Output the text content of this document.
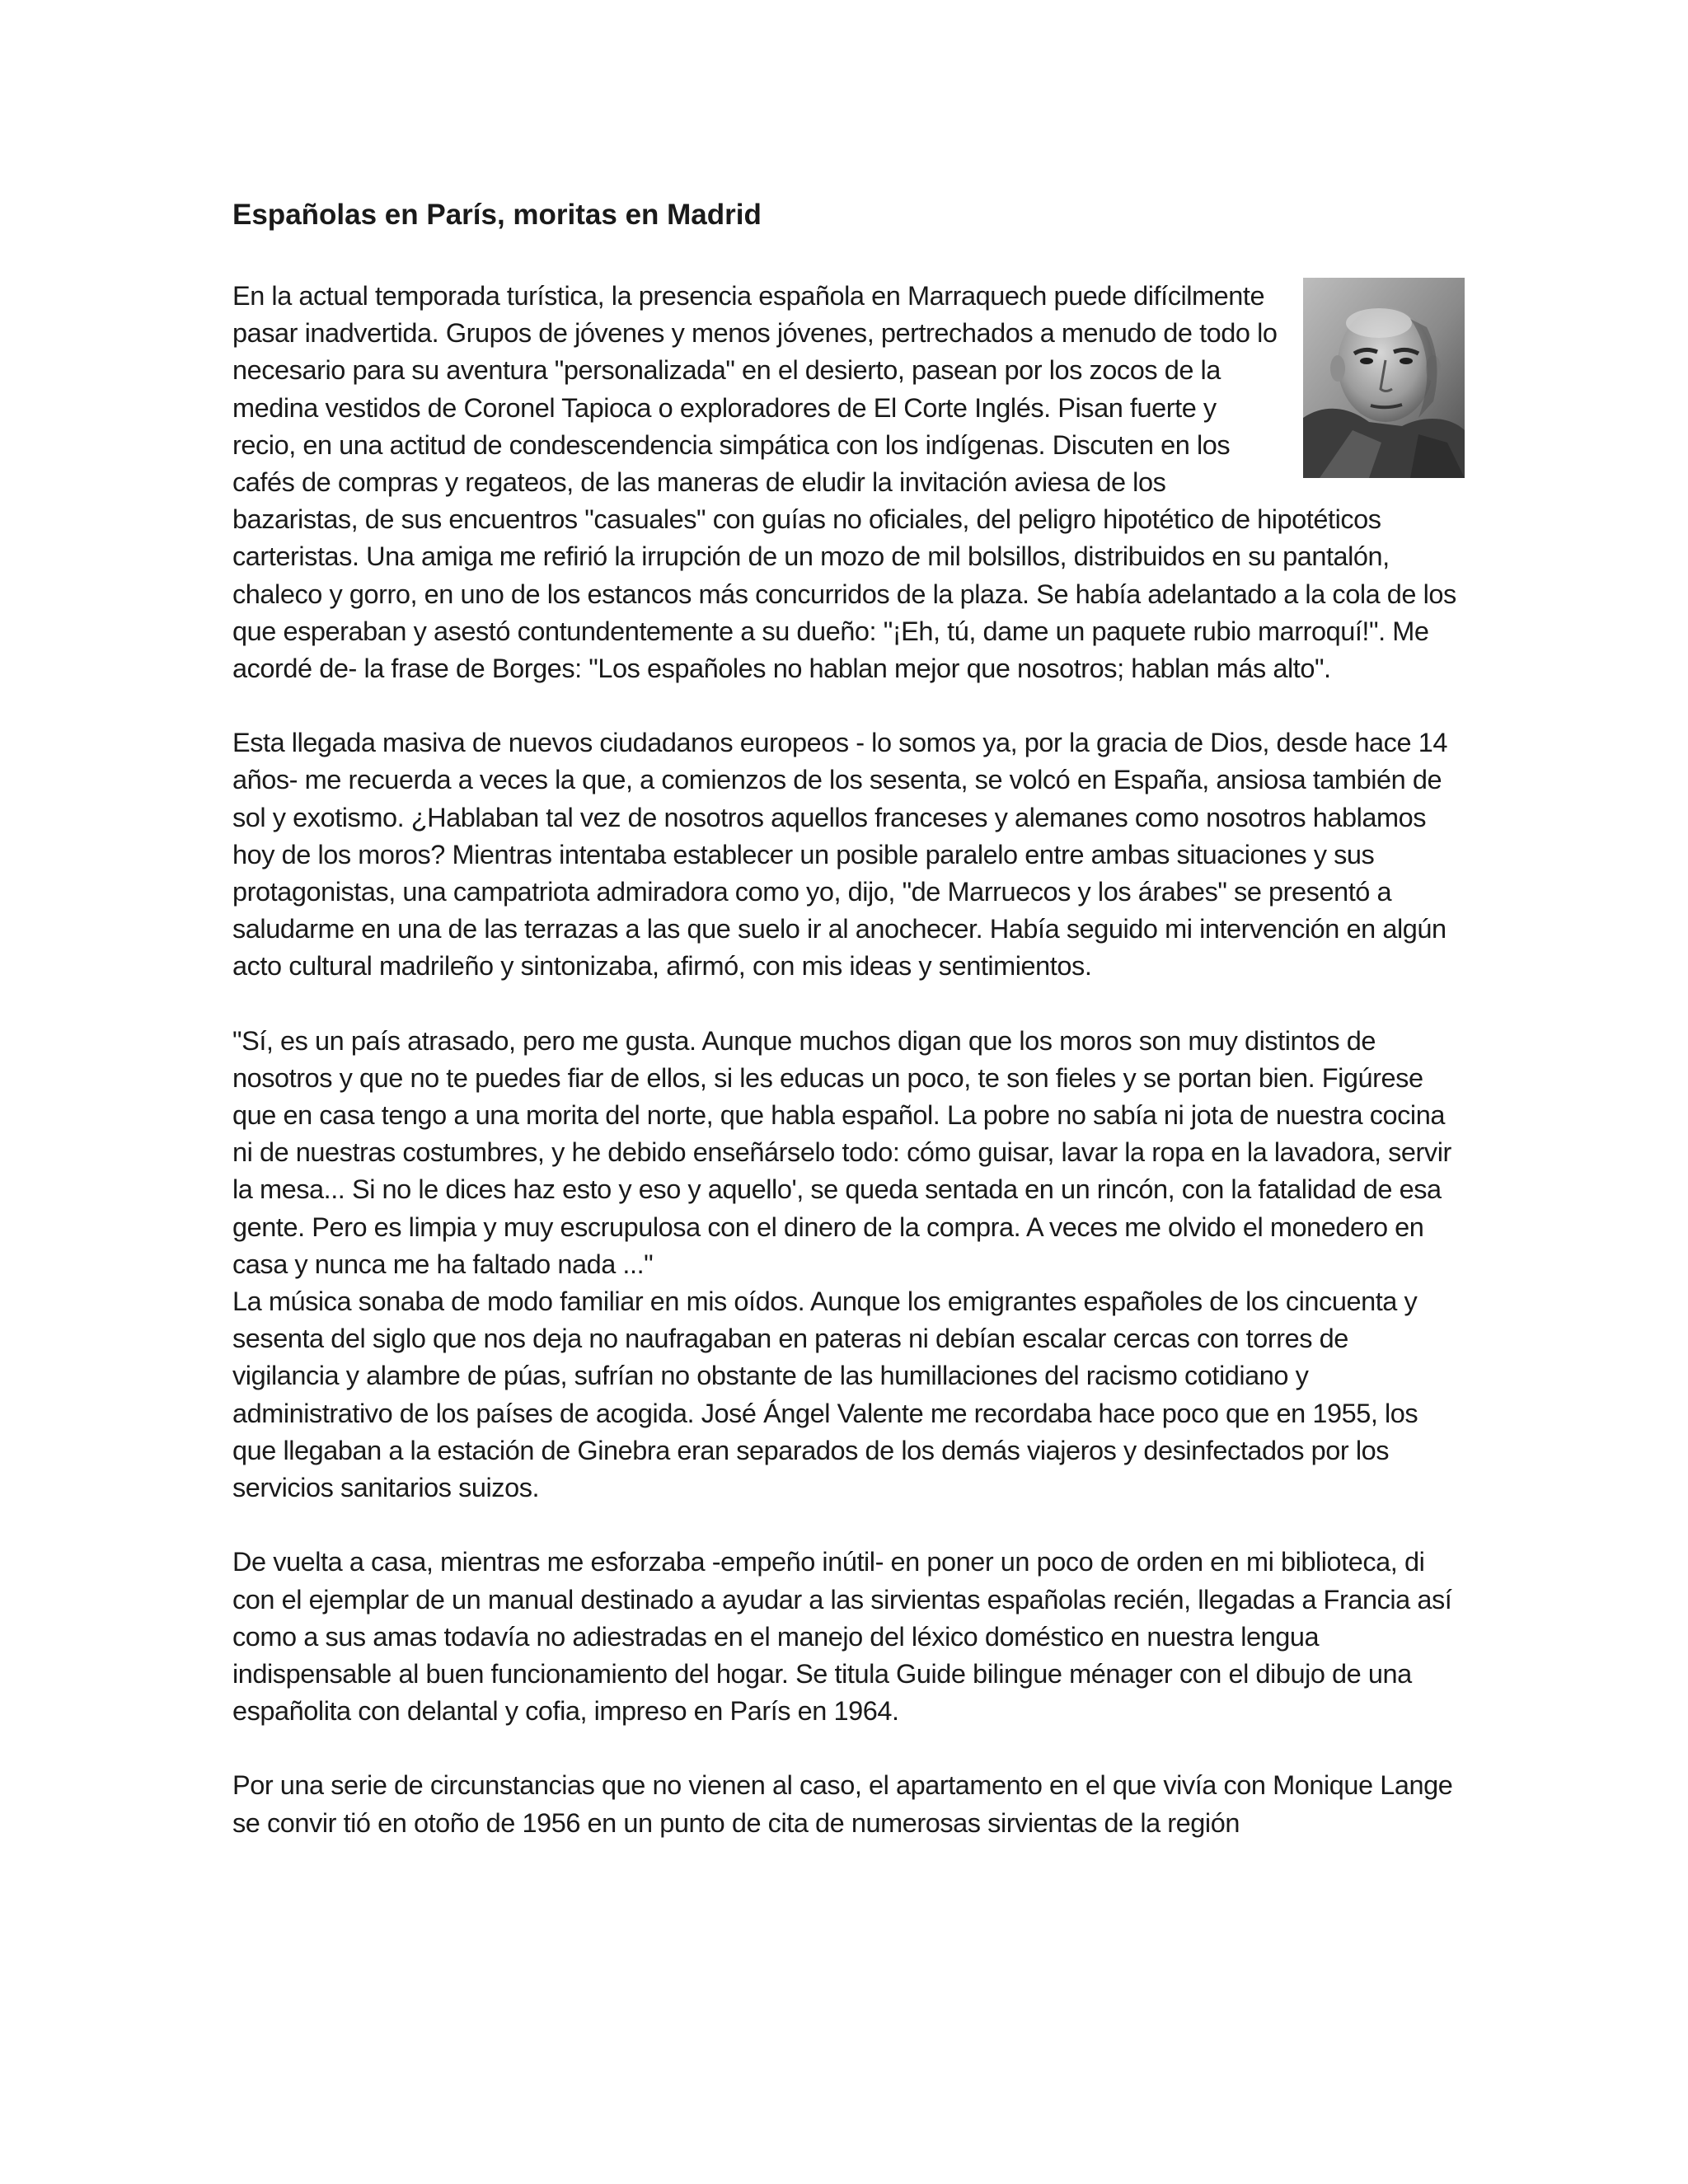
Españolas en París, moritas en Madrid

En la actual temporada turística, la presencia española en Marraquech puede difícilmente pasar inadvertida. Grupos de jóvenes y menos jóvenes, pertrechados a menudo de todo lo necesario para su aventura "personalizada" en el desierto, pasean por los zocos de la medina vestidos de Coronel Tapioca o exploradores de El Corte Inglés. Pisan fuerte y recio, en una actitud de condescendencia simpática con los indígenas. Discuten en los cafés de compras y regateos, de las maneras de eludir la invitación aviesa de los bazaristas, de sus encuentros "casuales" con guías no oficiales, del peligro hipotético de hipotéticos carteristas. Una amiga me refirió la irrupción de un mozo de mil bolsillos, distribuidos en su pantalón, chaleco y gorro, en uno de los estancos más concurridos de la plaza. Se había adelantado a la cola de los que esperaban y asestó contundentemente a su dueño: "¡Eh, tú, dame un paquete rubio marroquí!". Me acordé de- la frase de Borges: "Los españoles no hablan mejor que nosotros; hablan más alto".

Esta llegada masiva de nuevos ciudadanos europeos - lo somos ya, por la gracia de Dios, desde hace 14 años- me recuerda a veces la que, a comienzos de los sesenta, se volcó en España, ansiosa también de sol y exotismo. ¿Hablaban tal vez de nosotros aquellos franceses y alemanes como nosotros hablamos hoy de los moros? Mientras intentaba establecer un posible paralelo entre ambas situaciones y sus protagonistas, una campatriota admiradora como yo, dijo, "de Marruecos y los árabes" se presentó a saludarme en una de las terrazas a las que suelo ir al anochecer. Había seguido mi intervención en algún acto cultural madrileño y sintonizaba, afirmó, con mis ideas y sentimientos.

"Sí, es un país atrasado, pero me gusta. Aunque muchos digan que los moros son muy distintos de nosotros y que no te puedes fiar de ellos, si les educas un poco, te son fieles y se portan bien. Figúrese que en casa tengo a una morita del norte, que habla español. La pobre no sabía ni jota de nuestra cocina ni de nuestras costumbres, y he debido enseñárselo todo: cómo guisar, lavar la ropa en la lavadora, servir la mesa... Si no le dices haz esto y eso y aquello', se queda sentada en un rincón, con la fatalidad de esa gente. Pero es limpia y muy escrupulosa con el dinero de la compra. A veces me olvido el monedero en casa y nunca me ha faltado nada ..."

La música sonaba de modo familiar en mis oídos. Aunque los emigrantes españoles de los cincuenta y sesenta del siglo que nos deja no naufragaban en pateras ni debían escalar cercas con torres de vigilancia y alambre de púas, sufrían no obstante de las humillaciones del racismo cotidiano y administrativo de los países de acogida. José Ángel Valente me recordaba hace poco que en 1955, los que llegaban a la estación de Ginebra eran separados de los demás viajeros y desinfectados por los servicios sanitarios suizos.

De vuelta a casa, mientras me esforzaba -empeño inútil- en poner un poco de orden en mi biblioteca, di con el ejemplar de un manual destinado a ayudar a las sirvientas españolas recién, llegadas a Francia así como a sus amas todavía no adiestradas en el manejo del léxico doméstico en nuestra lengua indispensable al buen funcionamiento del hogar. Se titula Guide bilingue ménager con el dibujo de una españolita con delantal y cofia, impreso en París en 1964.

Por una serie de circunstancias que no vienen al caso, el apartamento en el que vivía con Monique Lange se convir tió en otoño de 1956 en un punto de cita de numerosas sirvientas de la región
